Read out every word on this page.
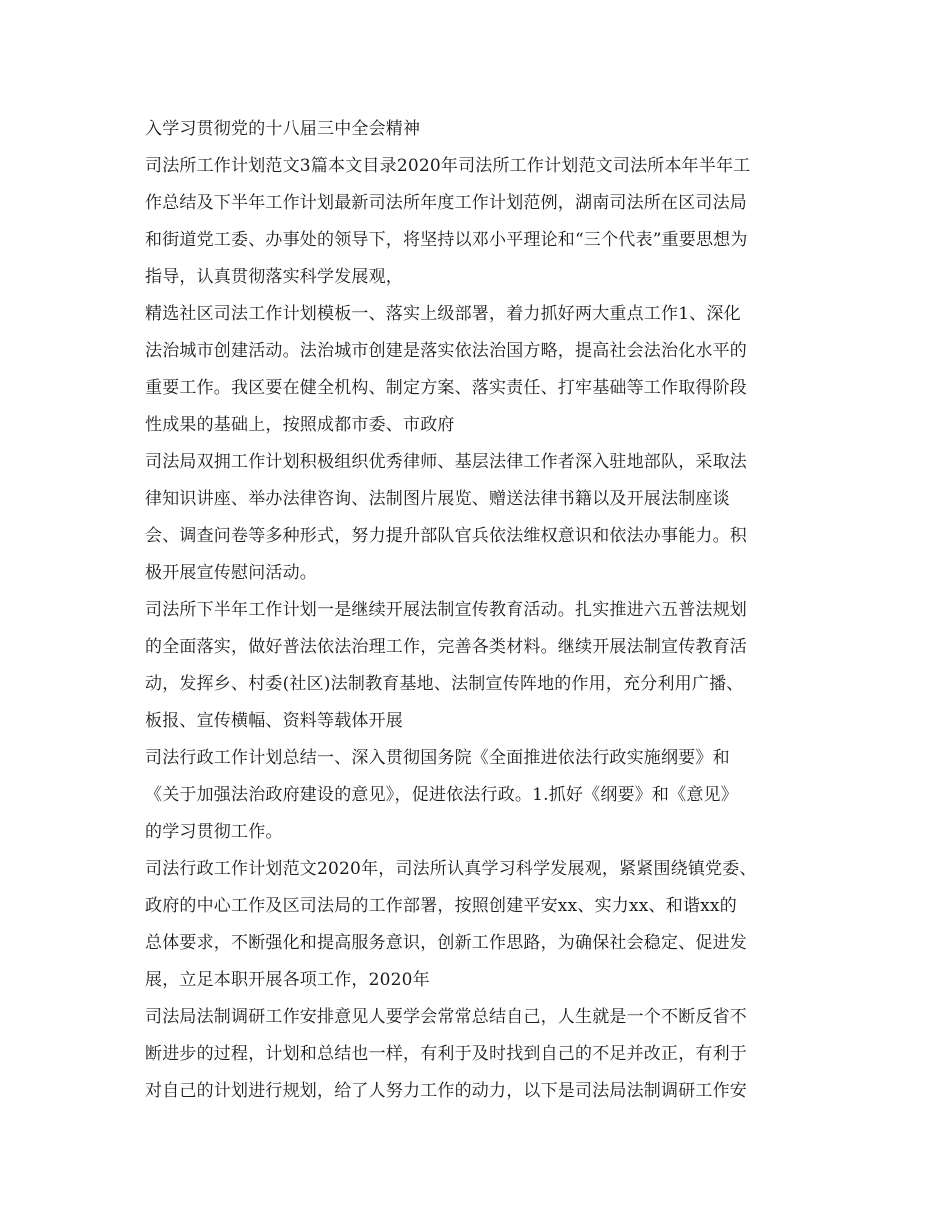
入学习贯彻党的十八届三中全会精神
司法所工作计划范文3篇本文目录2020年司法所工作计划范文司法所本年半年工
作总结及下半年工作计划最新司法所年度工作计划范例，湖南司法所在区司法局
和街道党工委、办事处的领导下，将坚持以邓小平理论和“三个代表”重要思想为
指导，认真贯彻落实科学发展观，
精选社区司法工作计划模板一、落实上级部署，着力抓好两大重点工作1、深化
法治城市创建活动。法治城市创建是落实依法治国方略，提高社会法治化水平的
重要工作。我区要在健全机构、制定方案、落实责任、打牢基础等工作取得阶段
性成果的基础上，按照成都市委、市政府
司法局双拥工作计划积极组织优秀律师、基层法律工作者深入驻地部队，采取法
律知识讲座、举办法律咨询、法制图片展览、赠送法律书籍以及开展法制座谈
会、调查问卷等多种形式，努力提升部队官兵依法维权意识和依法办事能力。积
极开展宣传慰问活动。
司法所下半年工作计划一是继续开展法制宣传教育活动。扎实推进六五普法规划
的全面落实，做好普法依法治理工作，完善各类材料。继续开展法制宣传教育活
动，发挥乡、村委(社区)法制教育基地、法制宣传阵地的作用，充分利用广播、
板报、宣传横幅、资料等载体开展
司法行政工作计划总结一、深入贯彻国务院《全面推进依法行政实施纲要》和
《关于加强法治政府建设的意见》，促进依法行政。1.抓好《纲要》和《意见》
的学习贯彻工作。
司法行政工作计划范文2020年，司法所认真学习科学发展观，紧紧围绕镇党委、
政府的中心工作及区司法局的工作部署，按照创建平安xx、实力xx、和谐xx的
总体要求，不断强化和提高服务意识，创新工作思路，为确保社会稳定、促进发
展，立足本职开展各项工作，2020年
司法局法制调研工作安排意见人要学会常常总结自己，人生就是一个不断反省不
断进步的过程，计划和总结也一样，有利于及时找到自己的不足并改正，有利于
对自己的计划进行规划，给了人努力工作的动力，以下是司法局法制调研工作安
